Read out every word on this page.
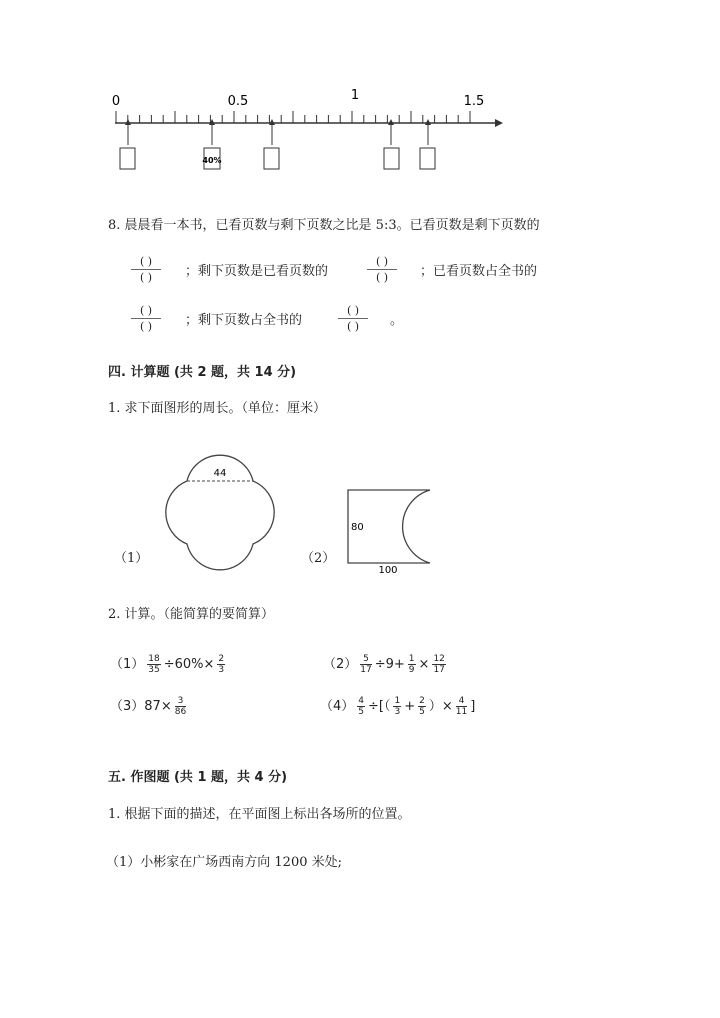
0	0.5	1	1.5
40%
8. 晨晨看一本书，已看页数与剩下页数之比是 5:3。已看页数是剩下页数的
( )
( )	；剩下页数是已看页数的
( )
( )	；已看页数占全书的
( )
( )	；剩下页数占全书的
( )
( )	。
四. 计算题 (共 2 题，共 14 分)
1. 求下面图形的周长。（单位：厘米）
44
（1）
80
100
（2）
2. 计算。（能简算的要简算）
$(1) \frac{18}{35} \div 60\%\times \frac{2}{3}$	$(2) \frac{5}{17} \div 9+ \frac{1}{9} \times \frac{12}{17}$
$(3)87\times \frac{3}{86}$	$(4) \frac{4}{5}$ ÷[（ $\frac{1}{3} + \frac{2}{5}$ ）× $\frac{4}{11}$ ]
五. 作图题 (共 1 题，共 4 分)
1. 根据下面的描述，在平面图上标出各场所的位置。
（1）小彬家在广场西南方向 1200 米处;
